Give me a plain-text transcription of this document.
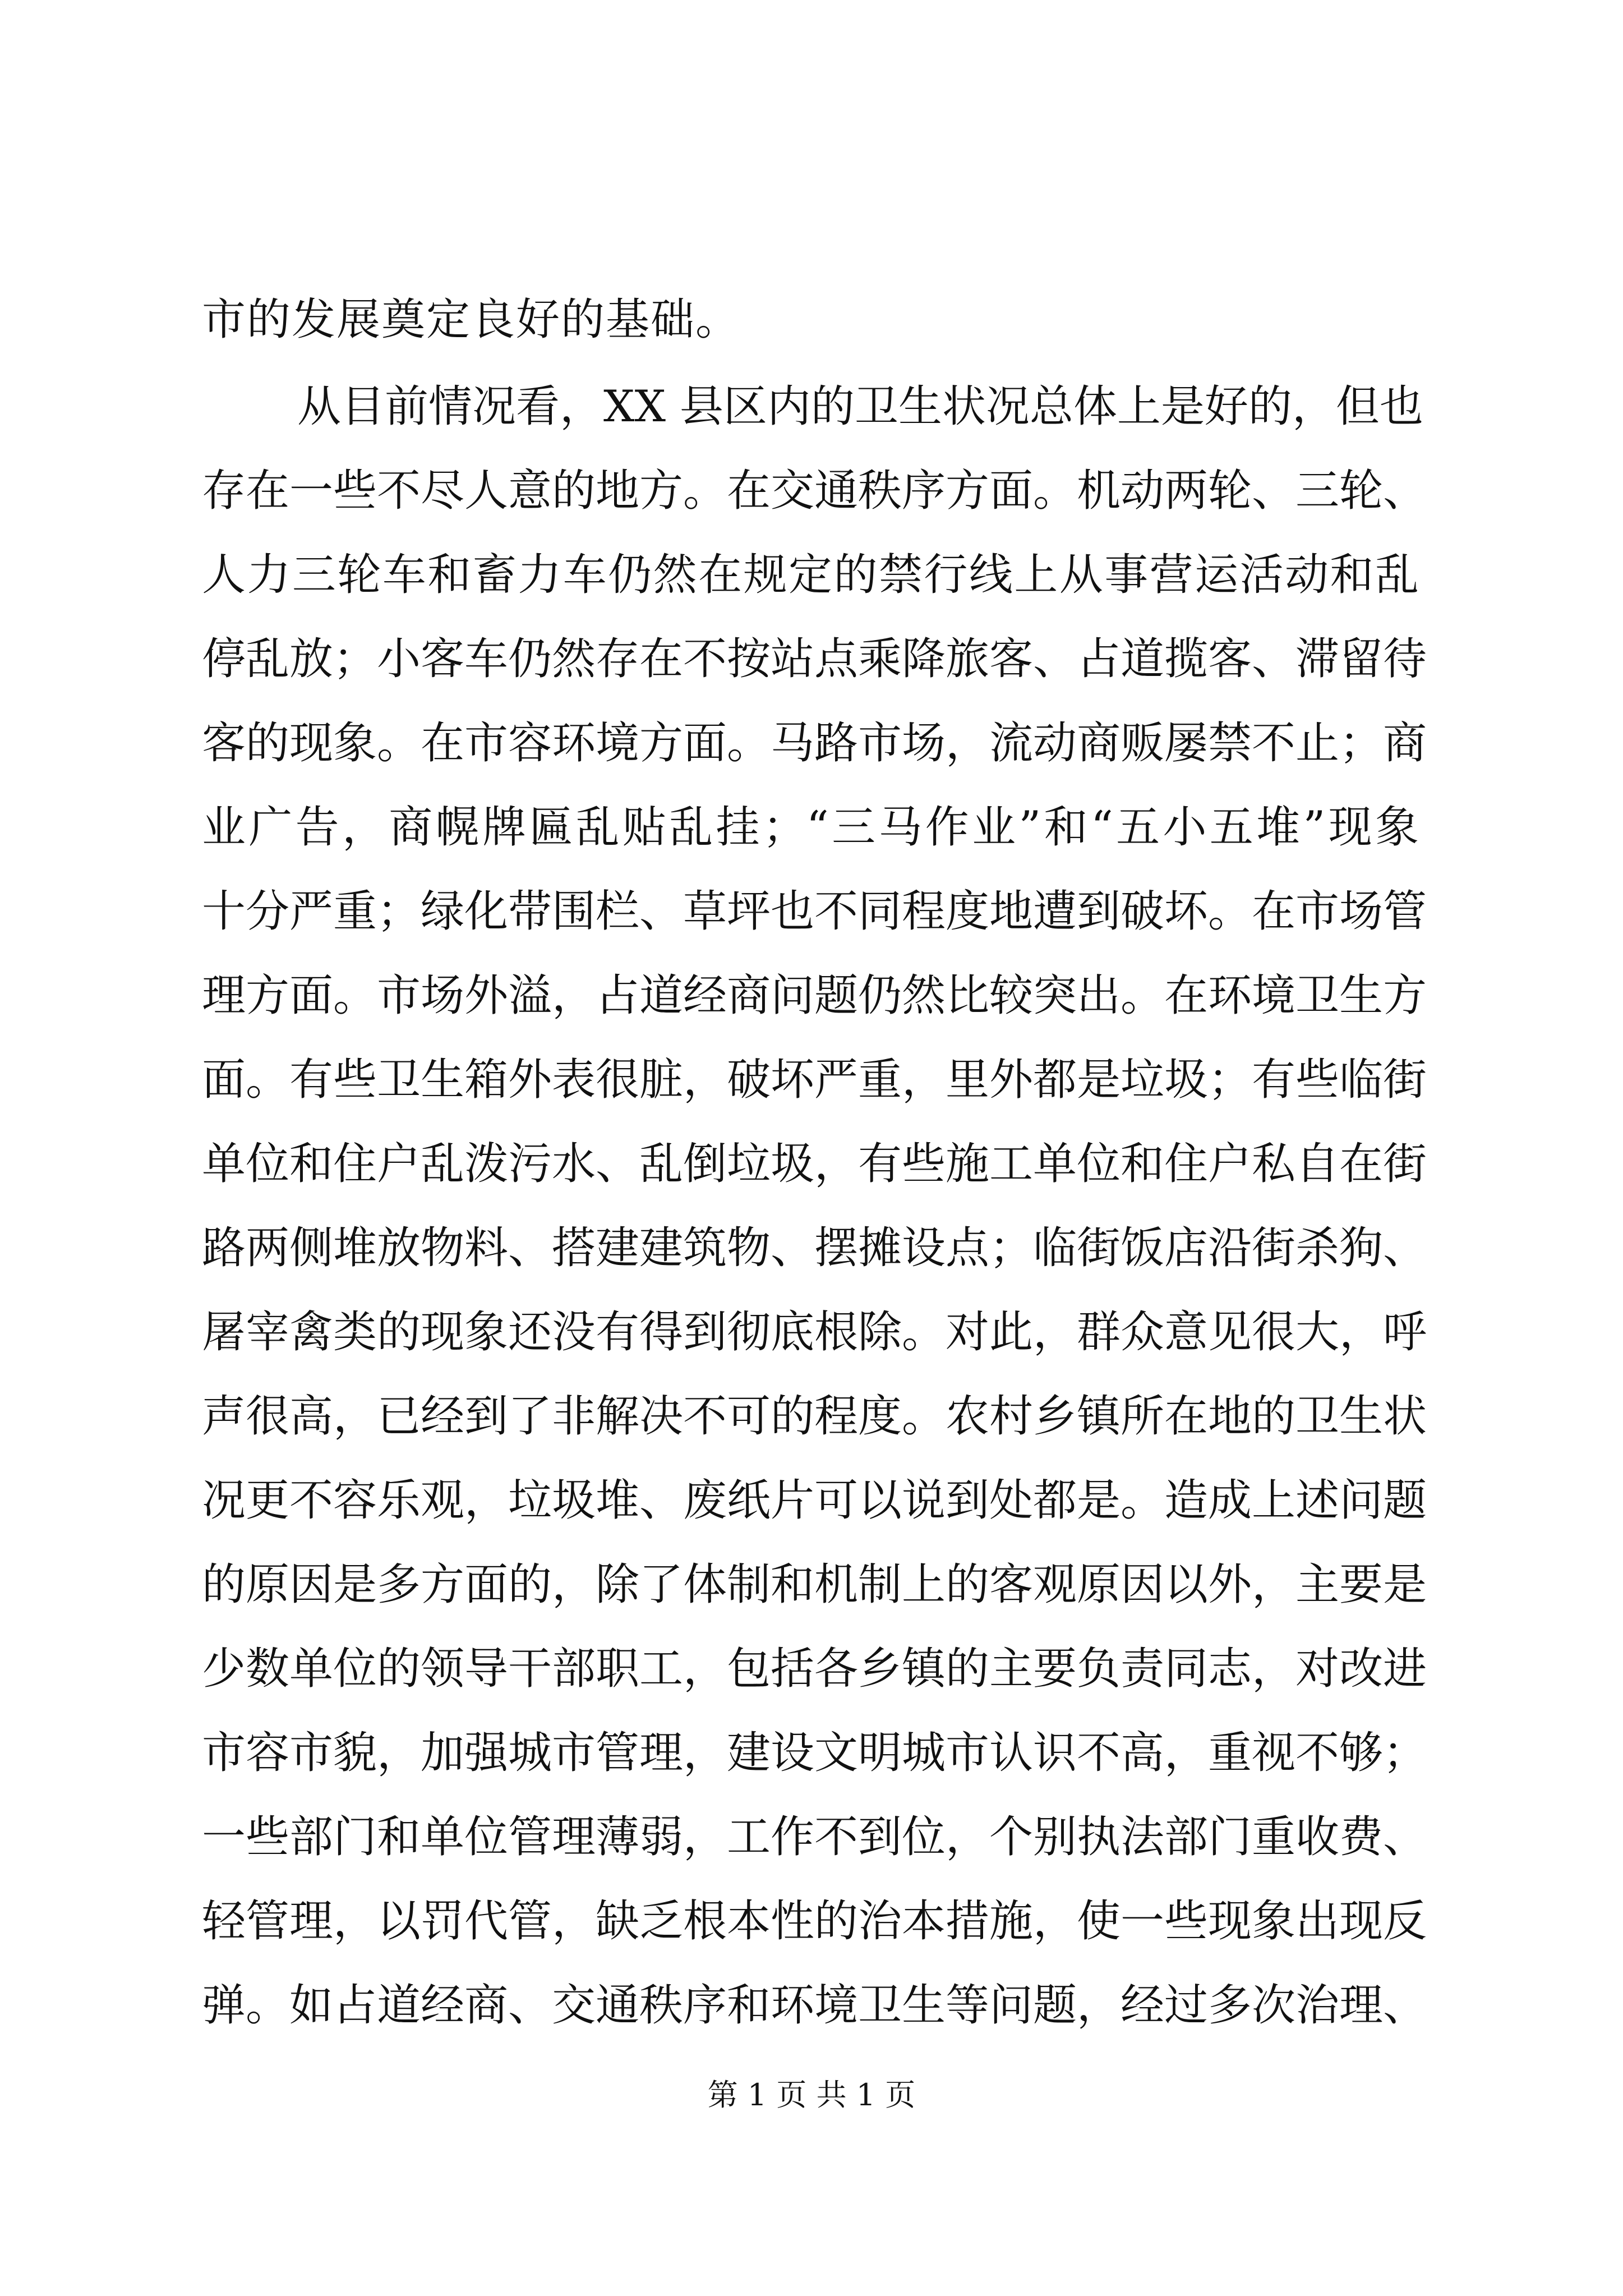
市的发展奠定良好的基础。
从目前情况看，XX 县区内的卫生状况总体上是好的，但也
存在一些不尽人意的地方。在交通秩序方面。机动两轮、三轮、
人力三轮车和畜力车仍然在规定的禁行线上从事营运活动和乱
停乱放；小客车仍然存在不按站点乘降旅客、占道揽客、滞留待
客的现象。在市容环境方面。马路市场，流动商贩屡禁不止；商
业广告，商幌牌匾乱贴乱挂；“三马作业”和“五小五堆”现象
十分严重；绿化带围栏、草坪也不同程度地遭到破坏。在市场管
理方面。市场外溢，占道经商问题仍然比较突出。在环境卫生方
面。有些卫生箱外表很脏，破坏严重，里外都是垃圾；有些临街
单位和住户乱泼污水、乱倒垃圾，有些施工单位和住户私自在街
路两侧堆放物料、搭建建筑物、摆摊设点；临街饭店沿街杀狗、
屠宰禽类的现象还没有得到彻底根除。对此，群众意见很大，呼
声很高，已经到了非解决不可的程度。农村乡镇所在地的卫生状
况更不容乐观，垃圾堆、废纸片可以说到处都是。造成上述问题
的原因是多方面的，除了体制和机制上的客观原因以外，主要是
少数单位的领导干部职工，包括各乡镇的主要负责同志，对改进
市容市貌，加强城市管理，建设文明城市认识不高，重视不够；
一些部门和单位管理薄弱，工作不到位，个别执法部门重收费、
轻管理，以罚代管，缺乏根本性的治本措施，使一些现象出现反
弹。如占道经商、交通秩序和环境卫生等问题，经过多次治理、
第 1 页 共 1 页
